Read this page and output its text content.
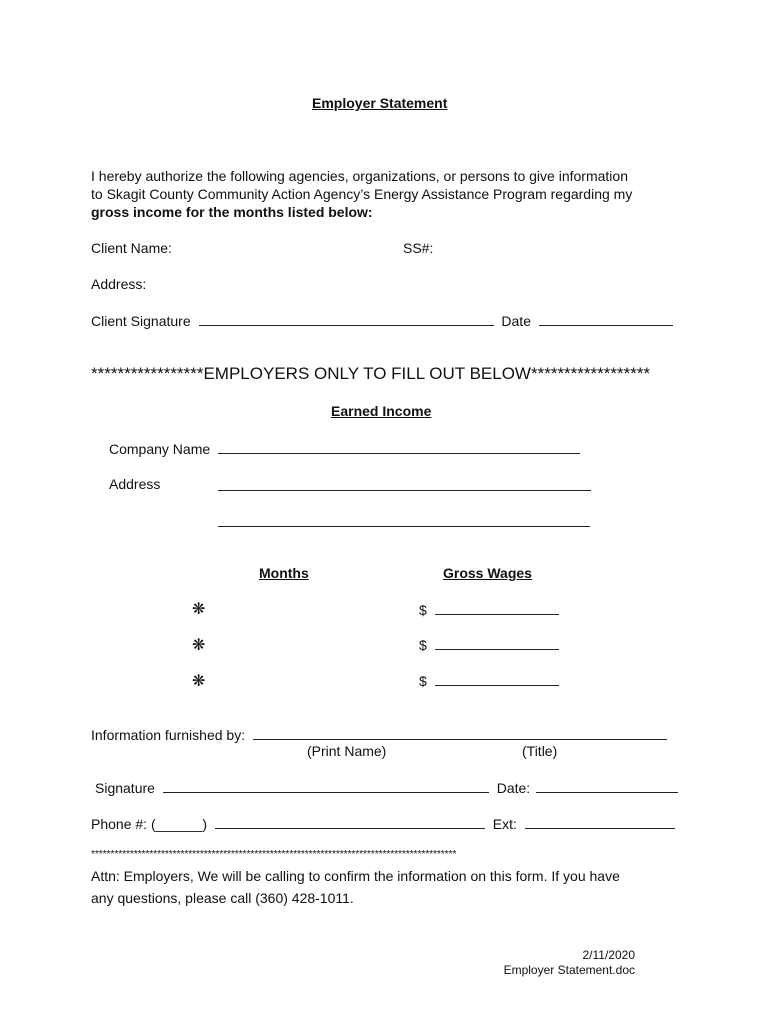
Employer Statement
I hereby authorize the following agencies, organizations, or persons to give information
to Skagit County Community Action Agency’s Energy Assistance Program regarding my
gross income for the months listed below:
Client Name:	SS#:
Address:
Client Signature	Date
*****************EMPLOYERS ONLY TO FILL OUT BELOW******************
Earned Income
Company Name
Address
Months	Gross Wages
❋	$
❋	$
❋	$
Information furnished by:
(Print Name)	(Title)
Signature	Date:
Phone #: (______)	Ext:
**********************************************************************************************
Attn: Employers, We will be calling to confirm the information on this form. If you have
any questions, please call (360) 428-1011.
2/11/2020
Employer Statement.doc
